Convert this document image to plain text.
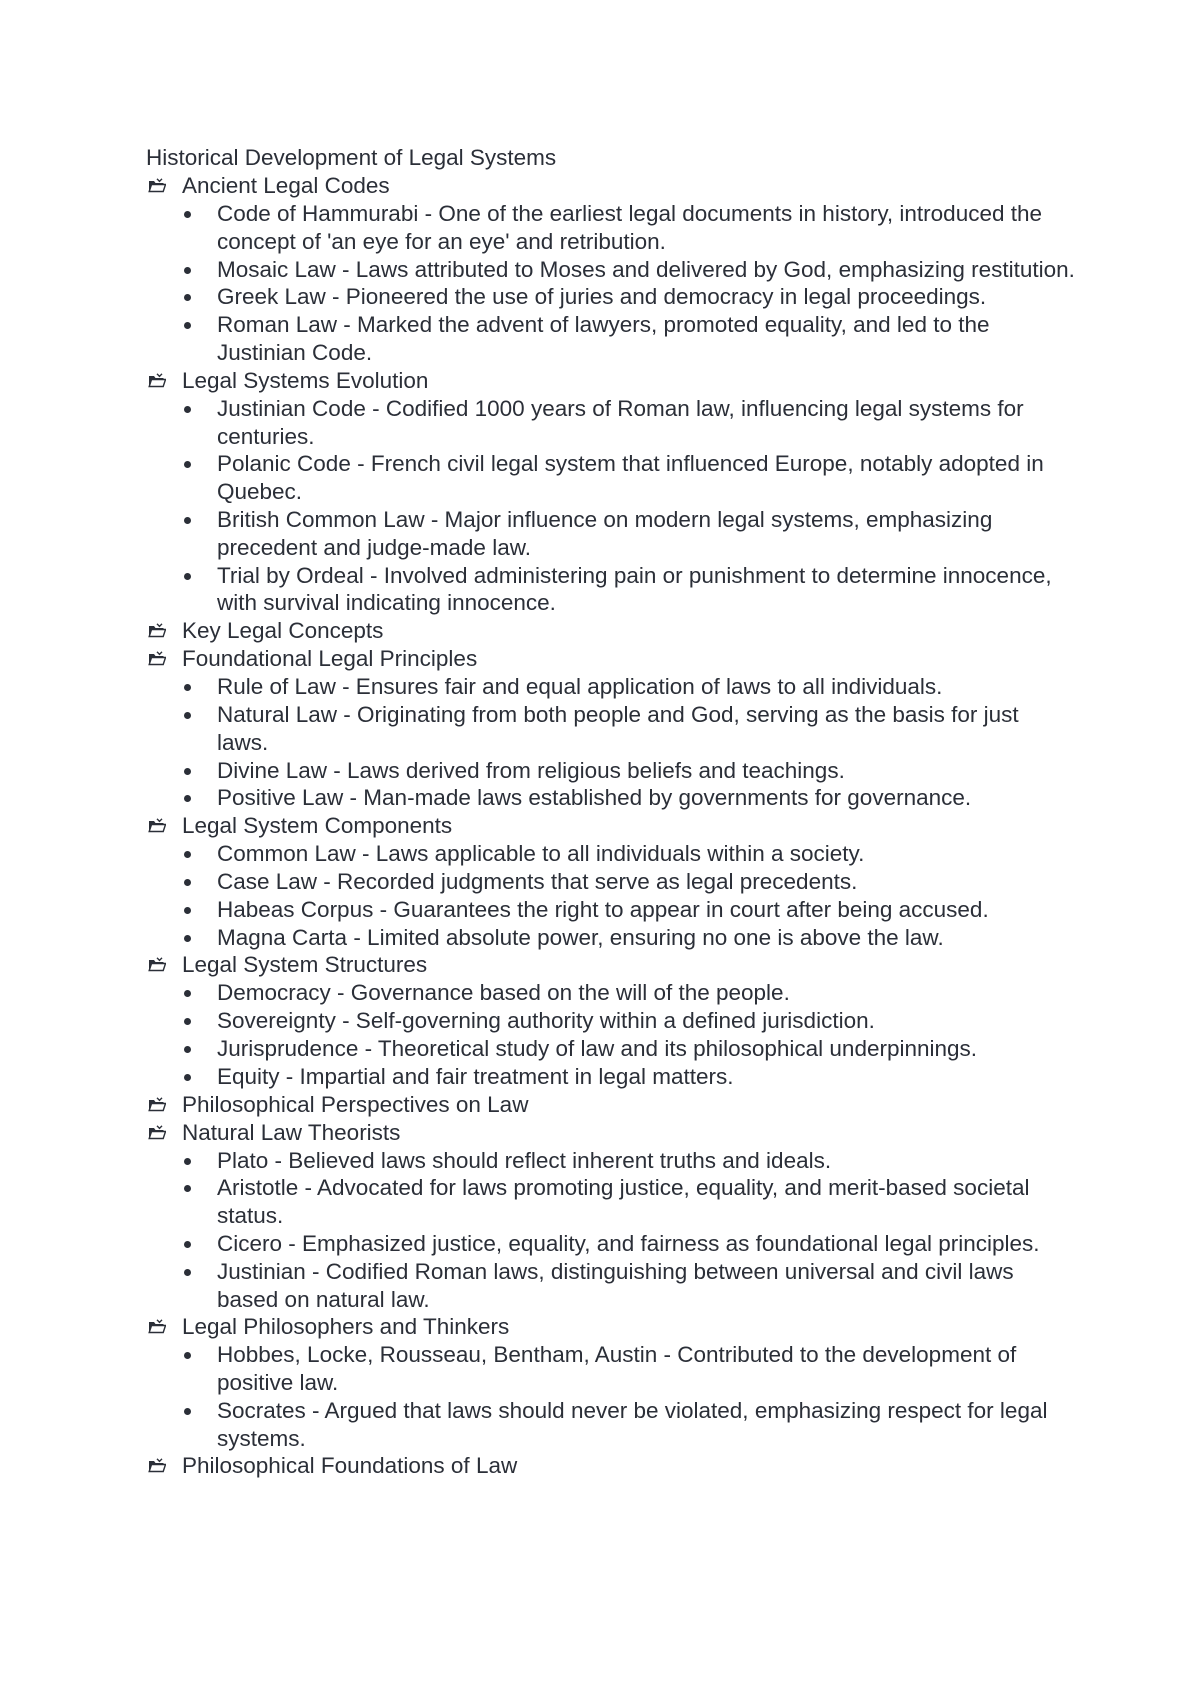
Historical Development of Legal Systems
Ancient Legal Codes
Code of Hammurabi - One of the earliest legal documents in history, introduced the concept of 'an eye for an eye' and retribution.
Mosaic Law - Laws attributed to Moses and delivered by God, emphasizing restitution.
Greek Law - Pioneered the use of juries and democracy in legal proceedings.
Roman Law - Marked the advent of lawyers, promoted equality, and led to the Justinian Code.
Legal Systems Evolution
Justinian Code - Codified 1000 years of Roman law, influencing legal systems for centuries.
Polanic Code - French civil legal system that influenced Europe, notably adopted in Quebec.
British Common Law - Major influence on modern legal systems, emphasizing precedent and judge-made law.
Trial by Ordeal - Involved administering pain or punishment to determine innocence, with survival indicating innocence.
Key Legal Concepts
Foundational Legal Principles
Rule of Law - Ensures fair and equal application of laws to all individuals.
Natural Law - Originating from both people and God, serving as the basis for just laws.
Divine Law - Laws derived from religious beliefs and teachings.
Positive Law - Man-made laws established by governments for governance.
Legal System Components
Common Law - Laws applicable to all individuals within a society.
Case Law - Recorded judgments that serve as legal precedents.
Habeas Corpus - Guarantees the right to appear in court after being accused.
Magna Carta - Limited absolute power, ensuring no one is above the law.
Legal System Structures
Democracy - Governance based on the will of the people.
Sovereignty - Self-governing authority within a defined jurisdiction.
Jurisprudence - Theoretical study of law and its philosophical underpinnings.
Equity - Impartial and fair treatment in legal matters.
Philosophical Perspectives on Law
Natural Law Theorists
Plato - Believed laws should reflect inherent truths and ideals.
Aristotle - Advocated for laws promoting justice, equality, and merit-based societal status.
Cicero - Emphasized justice, equality, and fairness as foundational legal principles.
Justinian - Codified Roman laws, distinguishing between universal and civil laws based on natural law.
Legal Philosophers and Thinkers
Hobbes, Locke, Rousseau, Bentham, Austin - Contributed to the development of positive law.
Socrates - Argued that laws should never be violated, emphasizing respect for legal systems.
Philosophical Foundations of Law
